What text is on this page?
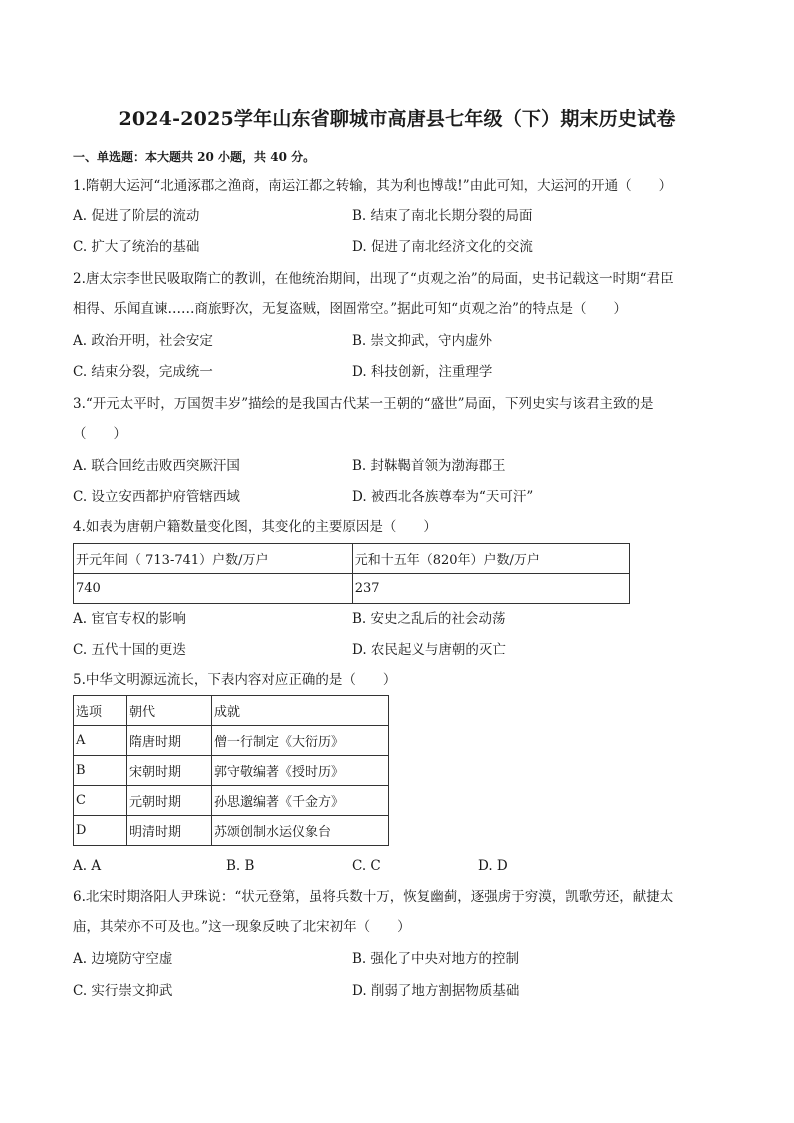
2024-2025学年山东省聊城市高唐县七年级（下）期末历史试卷
一、单选题：本大题共 20 小题，共 40 分。
1.隋朝大运河“北通涿郡之渔商，南运江都之转输，其为利也博哉!”由此可知，大运河的开通（　　）
A. 促进了阶层的流动	B. 结束了南北长期分裂的局面
C. 扩大了统治的基础	D. 促进了南北经济文化的交流
2.唐太宗李世民吸取隋亡的教训，在他统治期间，出现了“贞观之治”的局面，史书记载这一时期“君臣
相得、乐闻直谏……商旅野次，无复盗贼，囹圄常空。”据此可知“贞观之治”的特点是（　　）
A. 政治开明，社会安定	B. 崇文抑武，守内虚外
C. 结束分裂，完成统一	D. 科技创新，注重理学
3.“开元太平时，万国贺丰岁”描绘的是我国古代某一王朝的“盛世”局面，下列史实与该君主致的是
（　　）
A. 联合回纥击败西突厥汗国	B. 封靺鞨首领为渤海郡王
C. 设立安西都护府管辖西域	D. 被西北各族尊奉为“天可汗”
4.如表为唐朝户籍数量变化图，其变化的主要原因是（　　）
开元年间（ 713-741）户数/万户	元和十五年（820年）户数/万户
740	237
A. 宦官专权的影响	B. 安史之乱后的社会动荡
C. 五代十国的更迭	D. 农民起义与唐朝的灭亡
5.中华文明源远流长，下表内容对应正确的是（　　）
选项	朝代	成就
A	隋唐时期	僧一行制定《大衍历》
B	宋朝时期	郭守敬编著《授时历》
C	元朝时期	孙思邈编著《千金方》
D	明清时期	苏颂创制水运仪象台
A. A	B. B	C. C	D. D
6.北宋时期洛阳人尹珠说：“状元登第，虽将兵数十万，恢复幽蓟，逐强虏于穷漠，凯歌劳还，献捷太
庙，其荣亦不可及也。”这一现象反映了北宋初年（　　）
A. 边境防守空虚	B. 强化了中央对地方的控制
C. 实行崇文抑武	D. 削弱了地方割据物质基础
